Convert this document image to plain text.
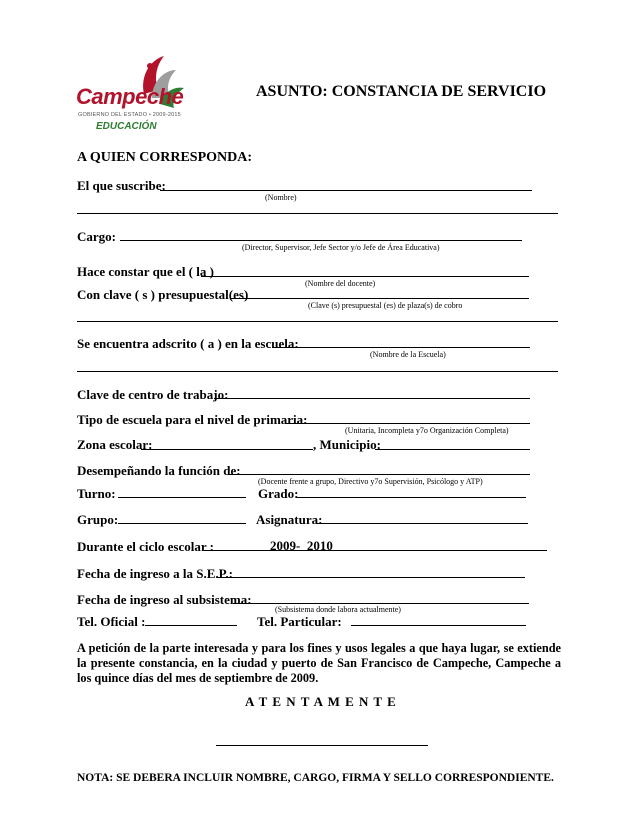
Campeche
GOBIERNO DEL ESTADO • 2009-2015
EDUCACIÓN
ASUNTO: CONSTANCIA DE SERVICIO
A QUIEN CORRESPONDA:
El que suscribe:
(Nombre)
Cargo:
(Director, Supervisor, Jefe Sector y/o Jefe de Área Educativa)
Hace constar que el ( la )
(Nombre del docente)
Con clave ( s ) presupuestal(es)
(Clave (s) presupuestal (es) de plaza(s) de cobro
Se encuentra adscrito ( a ) en la escuela:
(Nombre de la Escuela)
Clave de centro de trabajo:
Tipo de escuela para el nivel de primaria:
(Unitaria, Incompleta y7o Organización Completa)
Zona escolar:	, Municipio:
Desempeñando la función de:
(Docente frente a grupo, Directivo y7o Supervisión, Psicólogo y ATP)
Turno:	Grado:
Grupo:	Asignatura:
Durante el ciclo escolar :	2009-  2010
Fecha de ingreso a la S.E.P.:
Fecha de ingreso al subsistema:
(Subsistema donde labora actualmente)
Tel. Oficial :	Tel. Particular:
A petición de la parte interesada y para los fines y usos legales a que haya lugar, se extiende la presente constancia, en la ciudad y puerto de San Francisco de Campeche, Campeche a los quince días del mes de septiembre de 2009.
A T E N T A M E N T E
NOTA: SE DEBERA INCLUIR NOMBRE, CARGO, FIRMA Y SELLO CORRESPONDIENTE.
